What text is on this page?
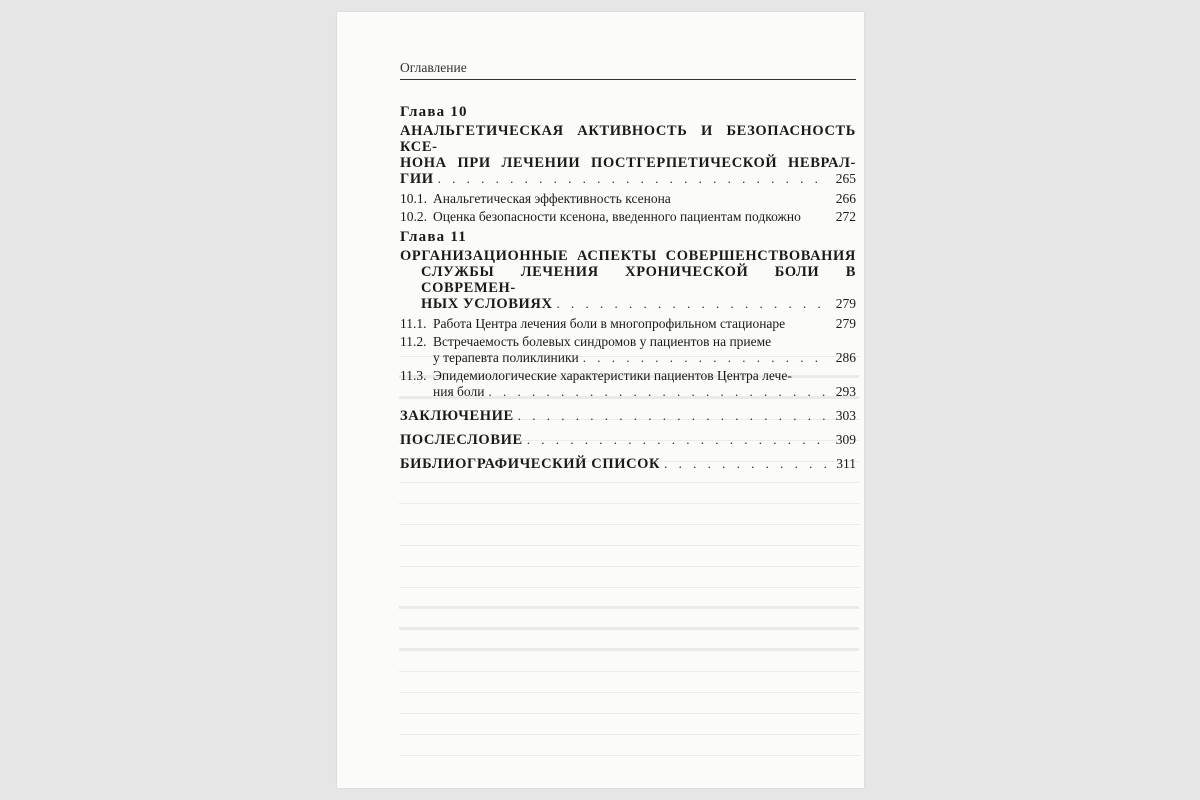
Оглавление
Глава 10
АНАЛЬГЕТИЧЕСКАЯ АКТИВНОСТЬ И БЕЗОПАСНОСТЬ КСЕ-
НОНА ПРИ ЛЕЧЕНИИ ПОСТГЕРПЕТИЧЕСКОЙ НЕВРАЛ-
ГИИ . . .	265
10.1. Анальгетическая эффективность ксенона	266
10.2. Оценка безопасности ксенона, введенного пациентам подкожно	272
Глава 11
ОРГАНИЗАЦИОННЫЕ АСПЕКТЫ СОВЕРШЕНСТВОВАНИЯ
СЛУЖБЫ ЛЕЧЕНИЯ ХРОНИЧЕСКОЙ БОЛИ В СОВРЕМЕН-
НЫХ УСЛОВИЯХ . . .	279
11.1. Работа Центра лечения боли в многопрофильном стационаре	279
11.2. Встречаемость болевых синдромов у пациентов на приеме
у терапевта поликлиники . . .	286
11.3. Эпидемиологические характеристики пациентов Центра лече-
ния боли . . .	293
ЗАКЛЮЧЕНИЕ . . .	303
ПОСЛЕСЛОВИЕ . . .	309
БИБЛИОГРАФИЧЕСКИЙ СПИСОК . . .	311
